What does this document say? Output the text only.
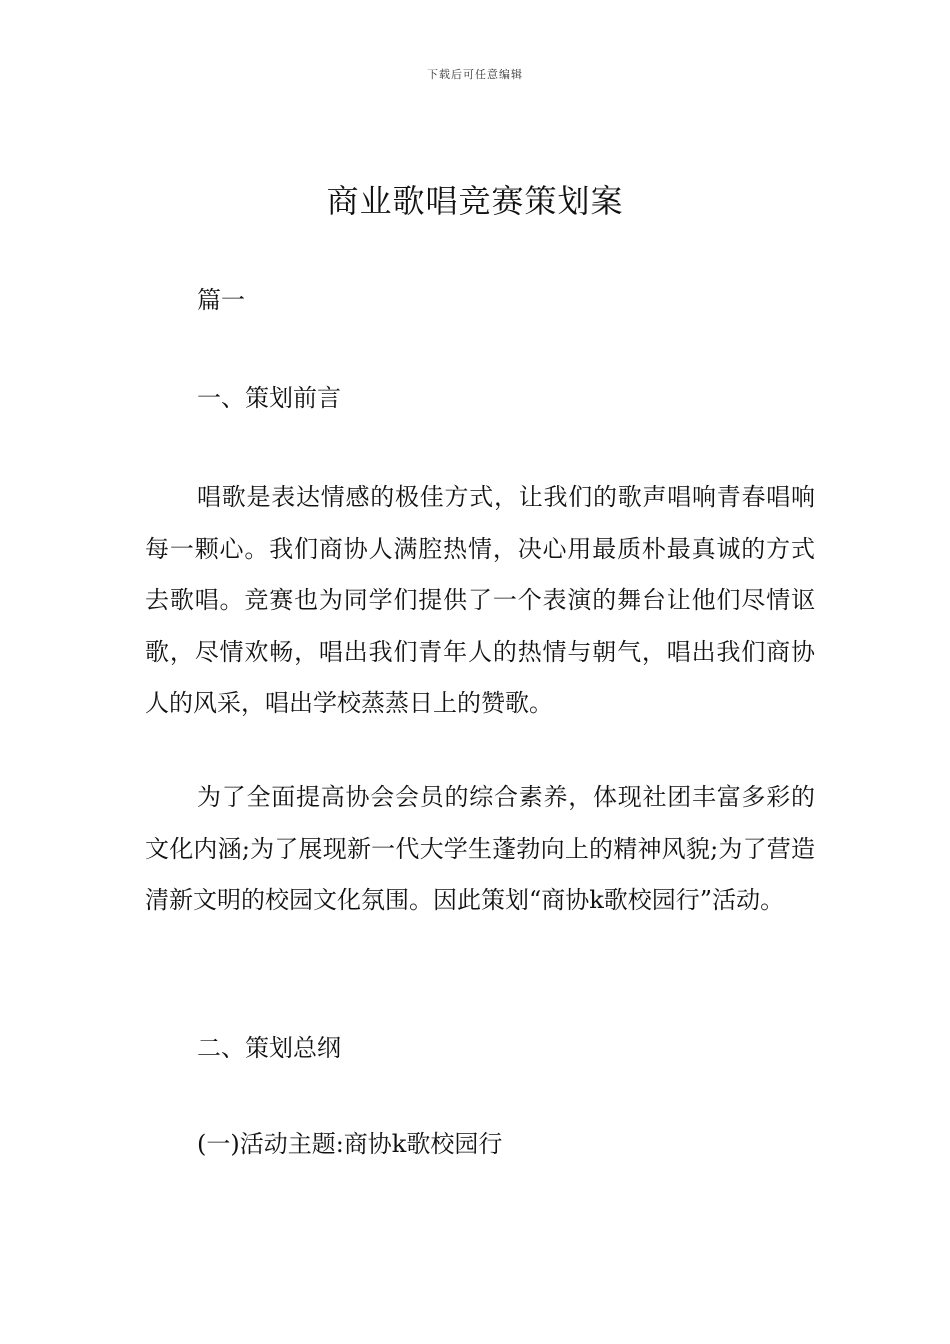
下载后可任意编辑
商业歌唱竞赛策划案
篇一
一、策划前言
唱歌是表达情感的极佳方式，让我们的歌声唱响青春唱响每一颗心。我们商协人满腔热情，决心用最质朴最真诚的方式去歌唱。竞赛也为同学们提供了一个表演的舞台让他们尽情讴歌，尽情欢畅，唱出我们青年人的热情与朝气，唱出我们商协人的风采，唱出学校蒸蒸日上的赞歌。
为了全面提高协会会员的综合素养，体现社团丰富多彩的文化内涵;为了展现新一代大学生蓬勃向上的精神风貌;为了营造清新文明的校园文化氛围。因此策划“商协k歌校园行”活动。
二、策划总纲
(一)活动主题:商协k歌校园行
